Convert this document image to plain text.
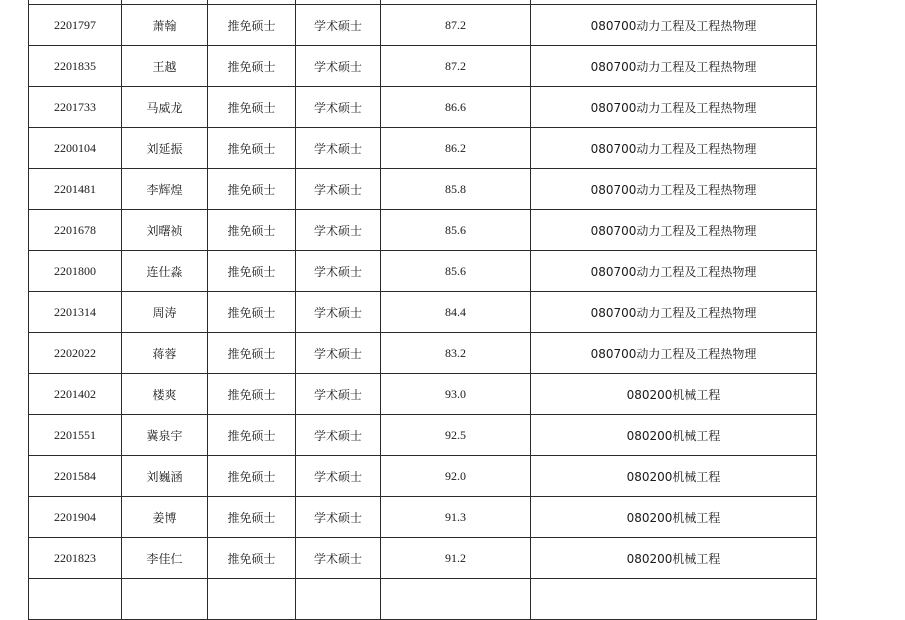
2201797	萧翰	推免硕士	学术硕士	87.2	080700动力工程及工程热物理
2201835	王越	推免硕士	学术硕士	87.2	080700动力工程及工程热物理
2201733	马威龙	推免硕士	学术硕士	86.6	080700动力工程及工程热物理
2200104	刘延振	推免硕士	学术硕士	86.2	080700动力工程及工程热物理
2201481	李辉煌	推免硕士	学术硕士	85.8	080700动力工程及工程热物理
2201678	刘曙祯	推免硕士	学术硕士	85.6	080700动力工程及工程热物理
2201800	连仕淼	推免硕士	学术硕士	85.6	080700动力工程及工程热物理
2201314	周涛	推免硕士	学术硕士	84.4	080700动力工程及工程热物理
2202022	蒋蓉	推免硕士	学术硕士	83.2	080700动力工程及工程热物理
2201402	楼爽	推免硕士	学术硕士	93.0	080200机械工程
2201551	冀泉宇	推免硕士	学术硕士	92.5	080200机械工程
2201584	刘巍涵	推免硕士	学术硕士	92.0	080200机械工程
2201904	姜博	推免硕士	学术硕士	91.3	080200机械工程
2201823	李佳仁	推免硕士	学术硕士	91.2	080200机械工程
